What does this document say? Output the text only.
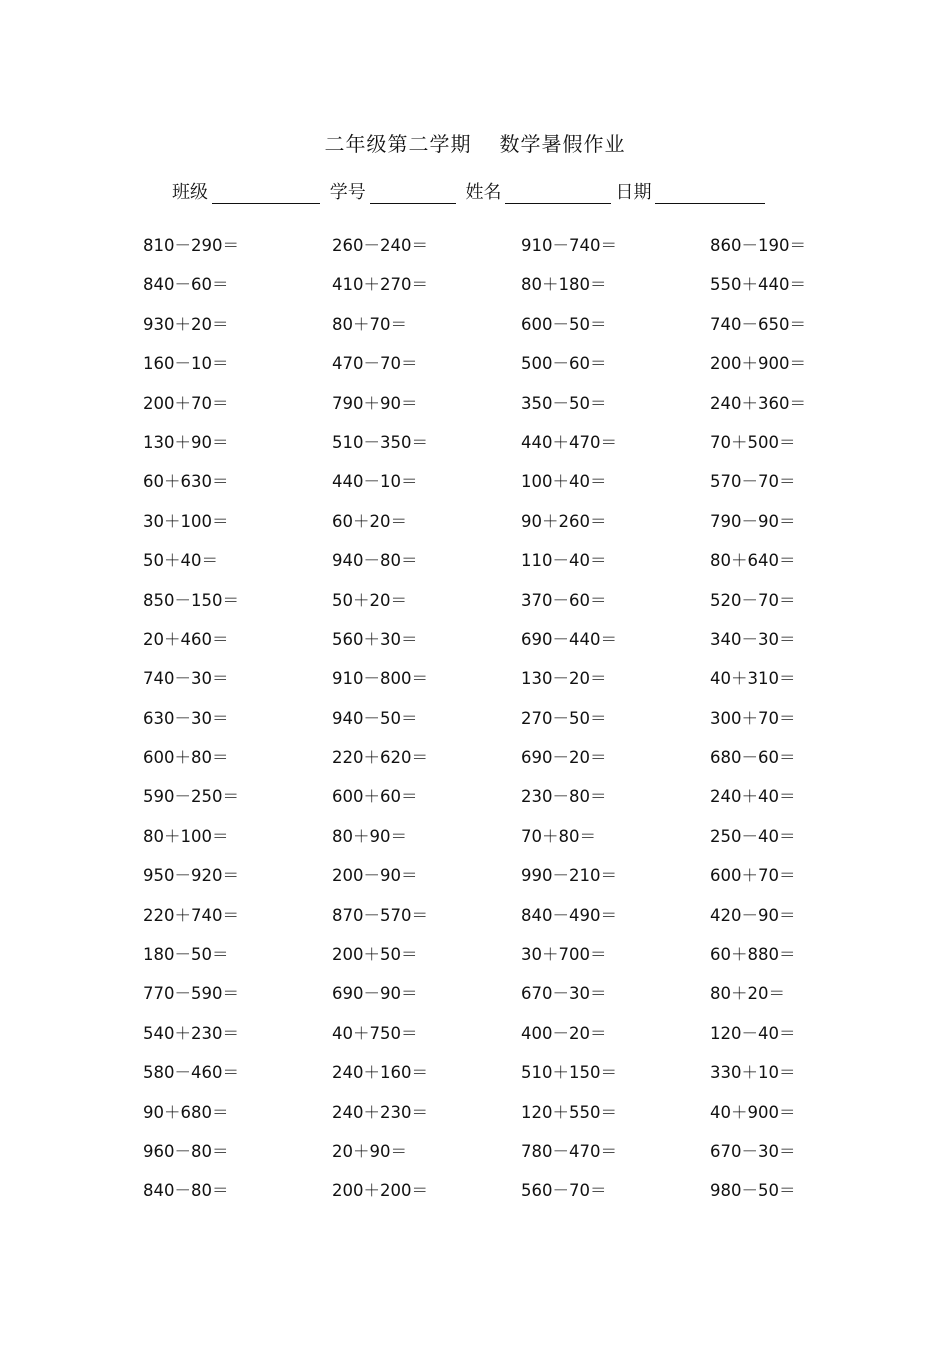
二年级第二学期 数学暑假作业
班级	学号	姓名	日期
810－290＝	260－240＝	910－740＝	860－190＝
840－60＝	410＋270＝	80＋180＝	550＋440＝
930＋20＝	80＋70＝	600－50＝	740－650＝
160－10＝	470－70＝	500－60＝	200＋900＝
200＋70＝	790＋90＝	350－50＝	240＋360＝
130＋90＝	510－350＝	440＋470＝	70＋500＝
60＋630＝	440－10＝	100＋40＝	570－70＝
30＋100＝	60＋20＝	90＋260＝	790－90＝
50＋40＝	940－80＝	110－40＝	80＋640＝
850－150＝	50＋20＝	370－60＝	520－70＝
20＋460＝	560＋30＝	690－440＝	340－30＝
740－30＝	910－800＝	130－20＝	40＋310＝
630－30＝	940－50＝	270－50＝	300＋70＝
600＋80＝	220＋620＝	690－20＝	680－60＝
590－250＝	600＋60＝	230－80＝	240＋40＝
80＋100＝	80＋90＝	70＋80＝	250－40＝
950－920＝	200－90＝	990－210＝	600＋70＝
220＋740＝	870－570＝	840－490＝	420－90＝
180－50＝	200＋50＝	30＋700＝	60＋880＝
770－590＝	690－90＝	670－30＝	80＋20＝
540＋230＝	40＋750＝	400－20＝	120－40＝
580－460＝	240＋160＝	510＋150＝	330＋10＝
90＋680＝	240＋230＝	120＋550＝	40＋900＝
960－80＝	20＋90＝	780－470＝	670－30＝
840－80＝	200＋200＝	560－70＝	980－50＝
